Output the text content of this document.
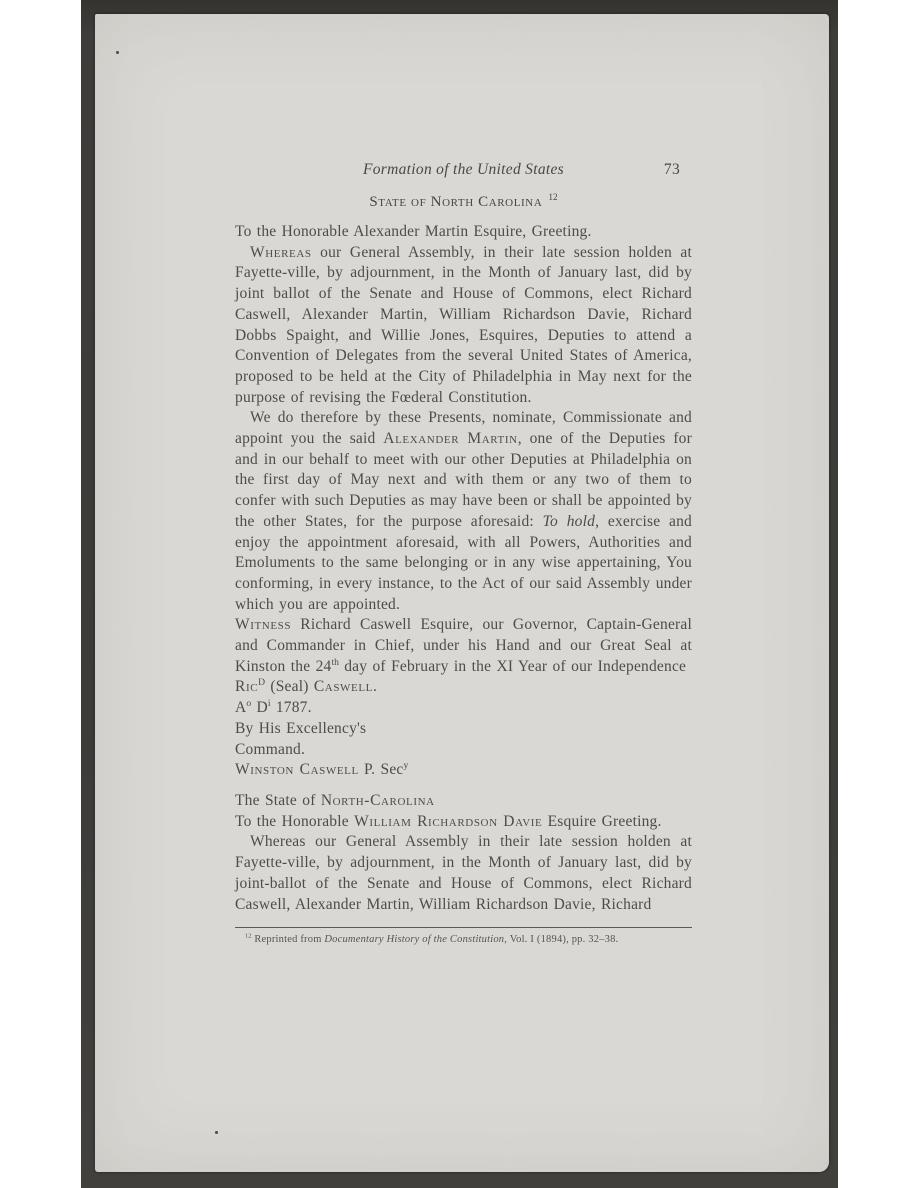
Formation of the United States	73
State of North Carolina $^{12}$

To the Honorable Alexander Martin Esquire, Greeting.

Whereas our General Assembly, in their late session holden at Fayette-ville, by adjournment, in the Month of January last, did by joint ballot of the Senate and House of Commons, elect Richard Caswell, Alexander Martin, William Richardson Davie, Richard Dobbs Spaight, and Willie Jones, Esquires, Deputies to attend a Convention of Delegates from the several United States of America, proposed to be held at the City of Philadelphia in May next for the purpose of revising the Fœderal Constitution.

We do therefore by these Presents, nominate, Commissionate and appoint you the said Alexander Martin, one of the Deputies for and in our behalf to meet with our other Deputies at Philadelphia on the first day of May next and with them or any two of them to confer with such Deputies as may have been or shall be appointed by the other States, for the purpose aforesaid: To hold, exercise and enjoy the appointment aforesaid, with all Powers, Authorities and Emoluments to the same belonging or in any wise appertaining, You conforming, in every instance, to the Act of our said Assembly under which you are appointed.

Witness Richard Caswell Esquire, our Governor, Captain-General and Commander in Chief, under his Hand and our Great Seal at Kinston the 24th day of February in the XI Year of our Independence

Ric$^D$ (Seal) Caswell.

$A^o$ $D^i$ 1787.

By His Excellency's

Command.

Winston Caswell P. Sec$^y$

The State of North-Carolina

To the Honorable William Richardson Davie Esquire Greeting.

Whereas our General Assembly in their late session holden at Fayette-ville, by adjournment, in the Month of January last, did by joint-ballot of the Senate and House of Commons, elect Richard Caswell, Alexander Martin, William Richardson Davie, Richard

$^{12}$ Reprinted from Documentary History of the Constitution, Vol. I (1894), pp. 32–38.
